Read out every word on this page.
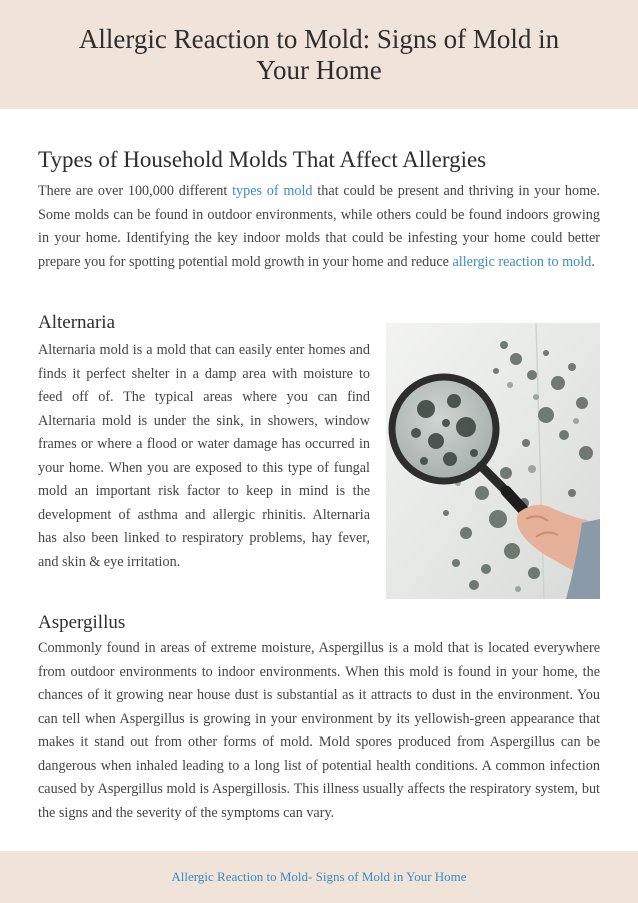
Allergic Reaction to Mold: Signs of Mold in Your Home
Types of Household Molds That Affect Allergies

There are over 100,000 different types of mold that could be present and thriving in your home. Some molds can be found in outdoor environments, while others could be found indoors growing in your home. Identifying the key indoor molds that could be infesting your home could better prepare you for spotting potential mold growth in your home and reduce allergic reaction to mold.

Alternaria

Alternaria mold is a mold that can easily enter homes and finds it perfect shelter in a damp area with moisture to feed off of. The typical areas where you can find Alternaria mold is under the sink, in showers, window frames or where a flood or water damage has occurred in your home. When you are exposed to this type of fungal mold an important risk factor to keep in mind is the development of asthma and allergic rhinitis. Alternaria has also been linked to respiratory problems, hay fever, and skin & eye irritation.

Aspergillus

Commonly found in areas of extreme moisture, Aspergillus is a mold that is located everywhere from outdoor environments to indoor environments. When this mold is found in your home, the chances of it growing near house dust is substantial as it attracts to dust in the environment. You can tell when Aspergillus is growing in your environment by its yellowish-green appearance that makes it stand out from other forms of mold. Mold spores produced from Aspergillus can be dangerous when inhaled leading to a long list of potential health conditions. A common infection caused by Aspergillus mold is Aspergillosis. This illness usually affects the respiratory system, but the signs and the severity of the symptoms can vary.

Allergic Reaction to Mold- Signs of Mold in Your Home
